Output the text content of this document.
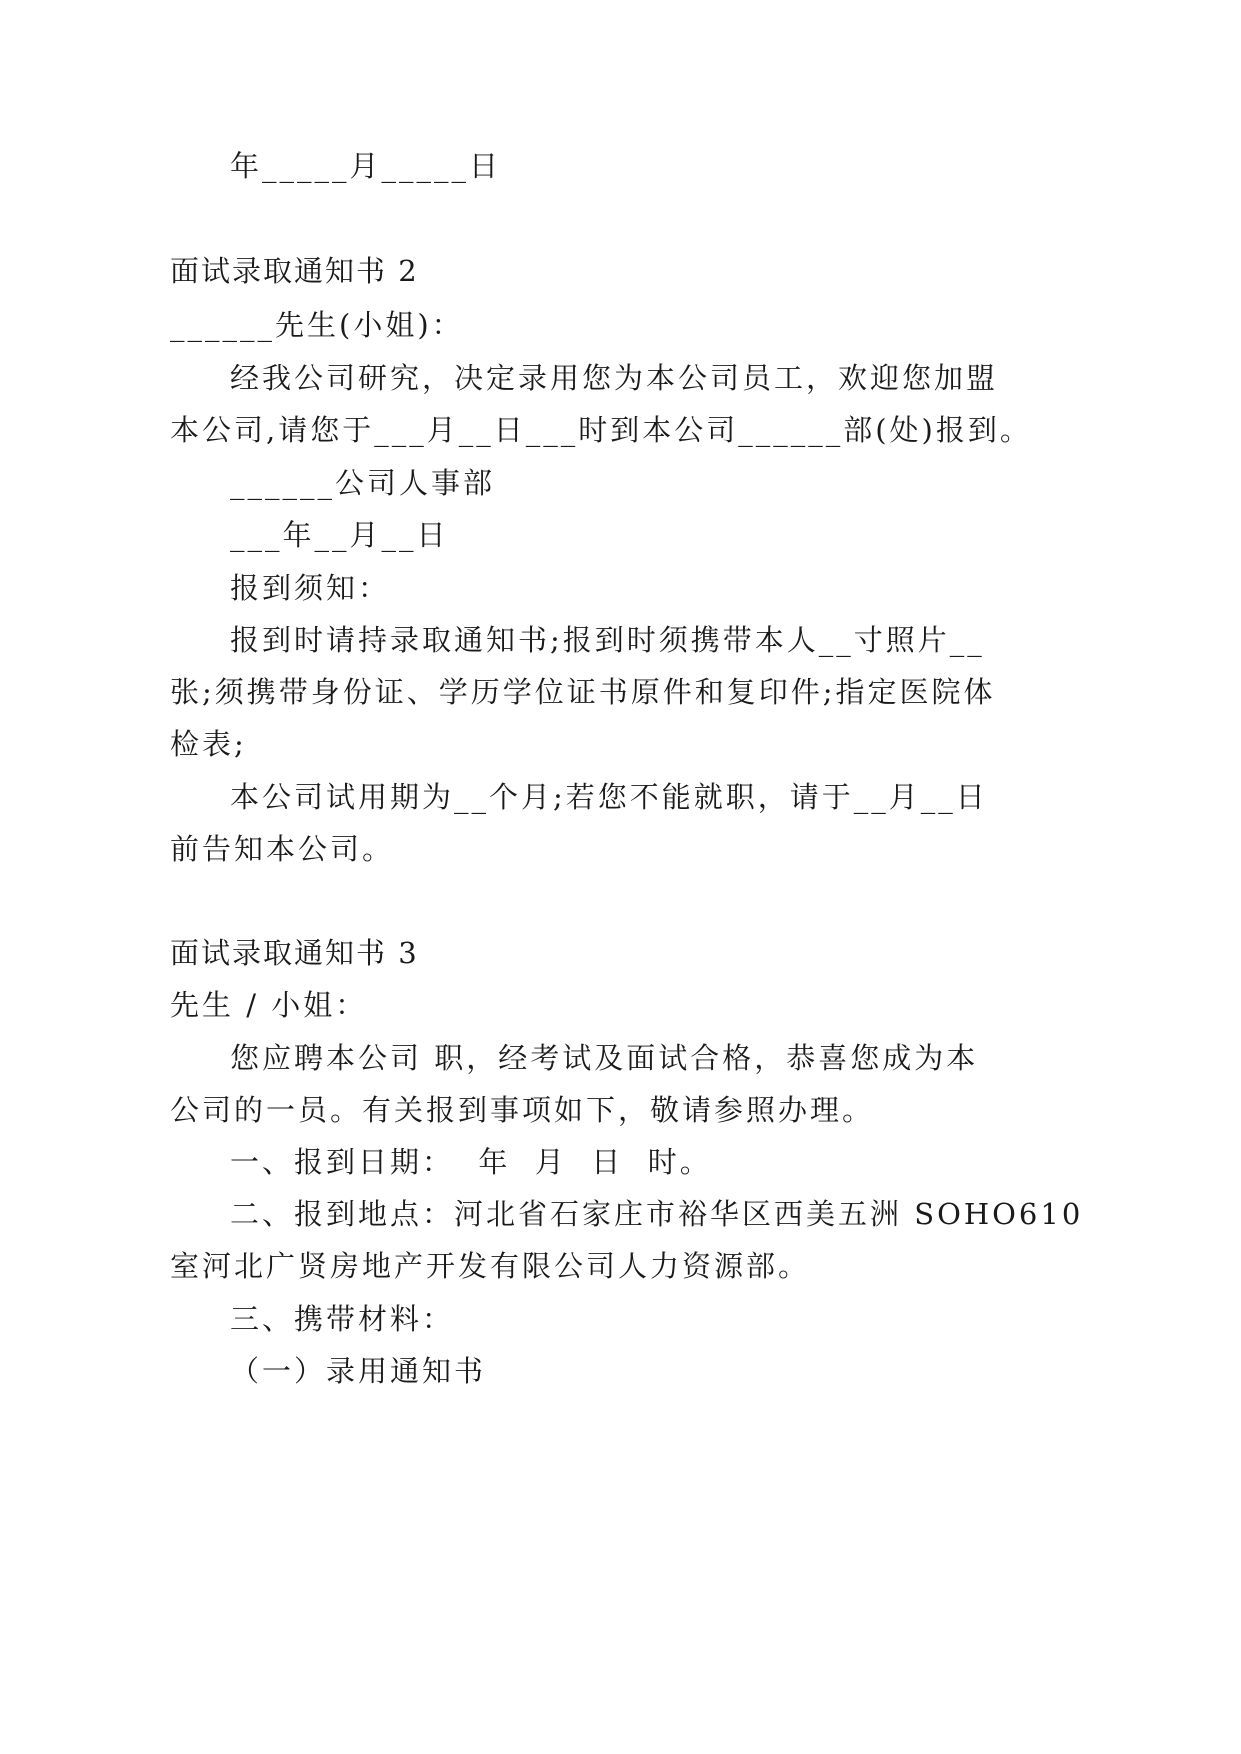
年_____月_____日
面试录取通知书 2
______先生(小姐)：
经我公司研究，决定录用您为本公司员工，欢迎您加盟
本公司,请您于___月__日___时到本公司______部(处)报到。
______公司人事部
___年__月__日
报到须知：
报到时请持录取通知书;报到时须携带本人__寸照片__
张;须携带身份证、学历学位证书原件和复印件;指定医院体
检表;
本公司试用期为__个月;若您不能就职，请于__月__日
前告知本公司。
面试录取通知书 3
先生 / 小姐：
您应聘本公司 职，经考试及面试合格，恭喜您成为本
公司的一员。有关报到事项如下，敬请参照办理。
一、报到日期：  年  月  日  时。
二、报到地点：河北省石家庄市裕华区西美五洲 SOHO610
室河北广贤房地产开发有限公司人力资源部。
三、携带材料：
（一）录用通知书
